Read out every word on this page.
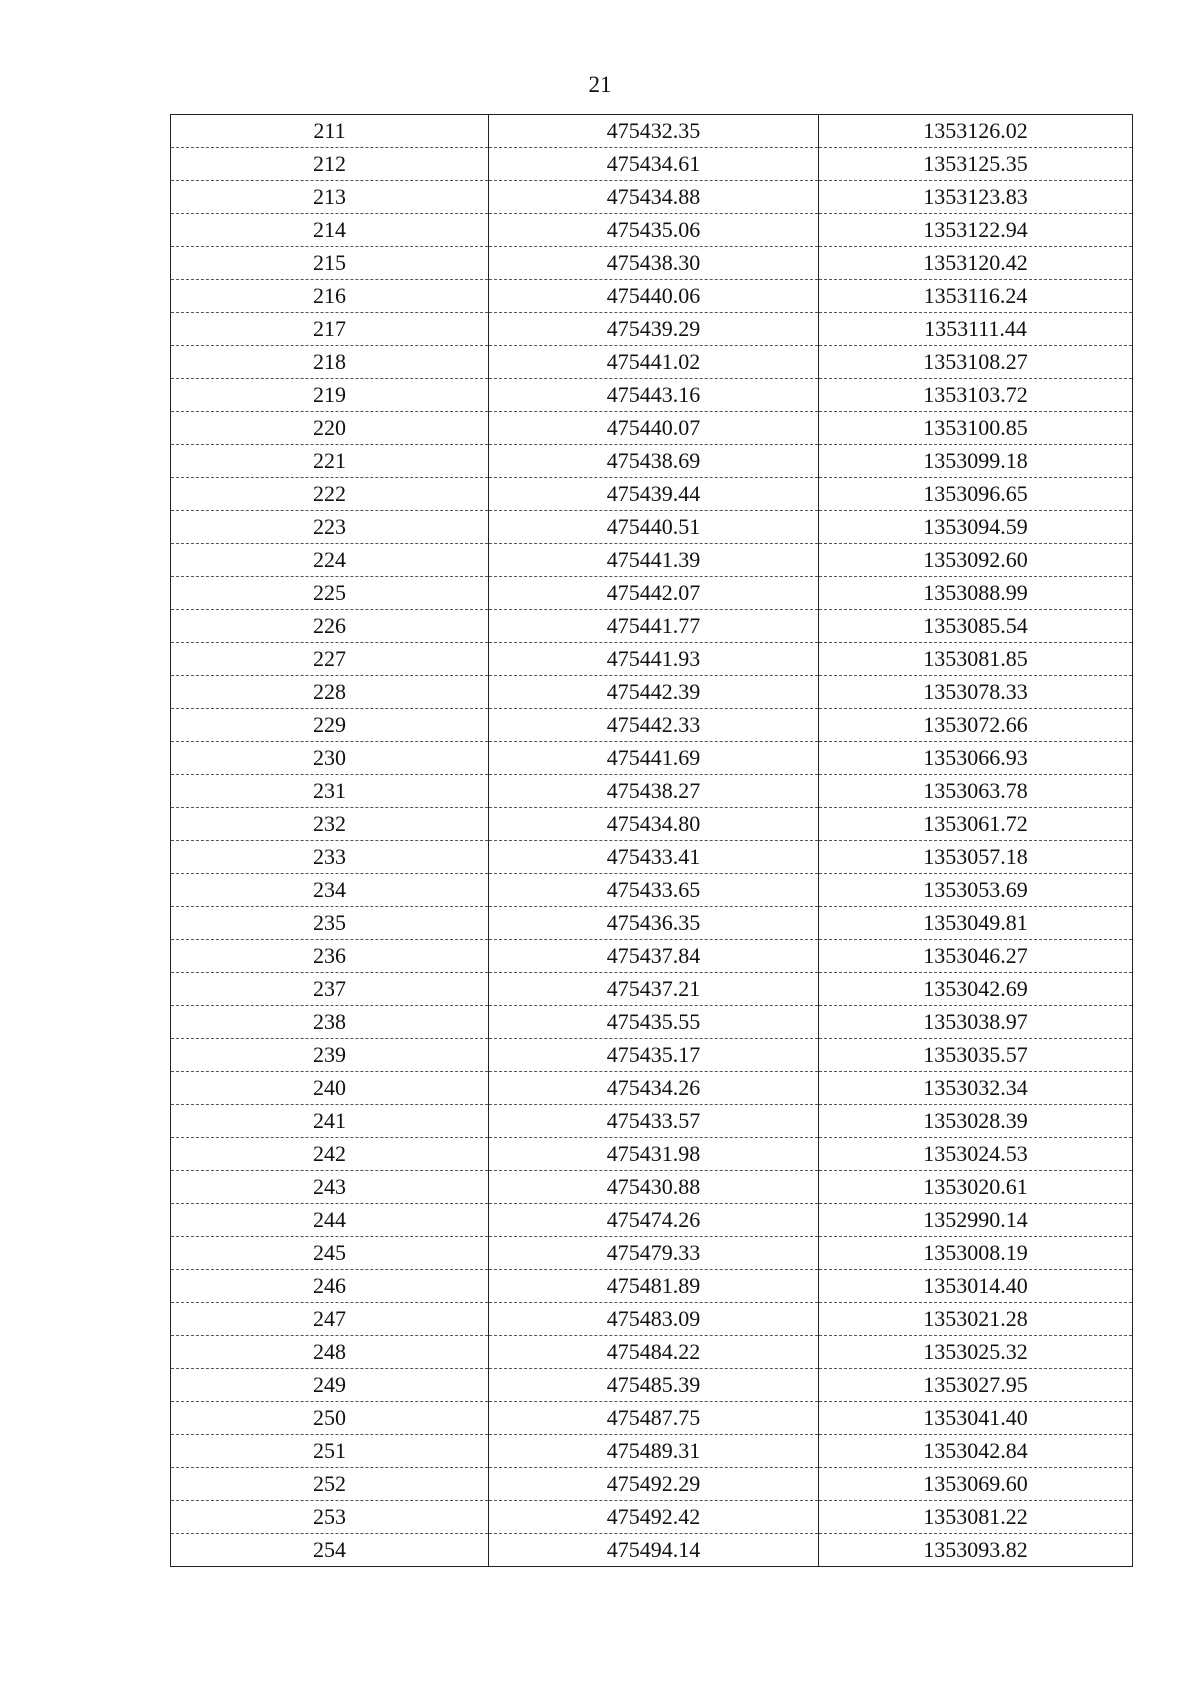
21
211	475432.35	1353126.02
212	475434.61	1353125.35
213	475434.88	1353123.83
214	475435.06	1353122.94
215	475438.30	1353120.42
216	475440.06	1353116.24
217	475439.29	1353111.44
218	475441.02	1353108.27
219	475443.16	1353103.72
220	475440.07	1353100.85
221	475438.69	1353099.18
222	475439.44	1353096.65
223	475440.51	1353094.59
224	475441.39	1353092.60
225	475442.07	1353088.99
226	475441.77	1353085.54
227	475441.93	1353081.85
228	475442.39	1353078.33
229	475442.33	1353072.66
230	475441.69	1353066.93
231	475438.27	1353063.78
232	475434.80	1353061.72
233	475433.41	1353057.18
234	475433.65	1353053.69
235	475436.35	1353049.81
236	475437.84	1353046.27
237	475437.21	1353042.69
238	475435.55	1353038.97
239	475435.17	1353035.57
240	475434.26	1353032.34
241	475433.57	1353028.39
242	475431.98	1353024.53
243	475430.88	1353020.61
244	475474.26	1352990.14
245	475479.33	1353008.19
246	475481.89	1353014.40
247	475483.09	1353021.28
248	475484.22	1353025.32
249	475485.39	1353027.95
250	475487.75	1353041.40
251	475489.31	1353042.84
252	475492.29	1353069.60
253	475492.42	1353081.22
254	475494.14	1353093.82
